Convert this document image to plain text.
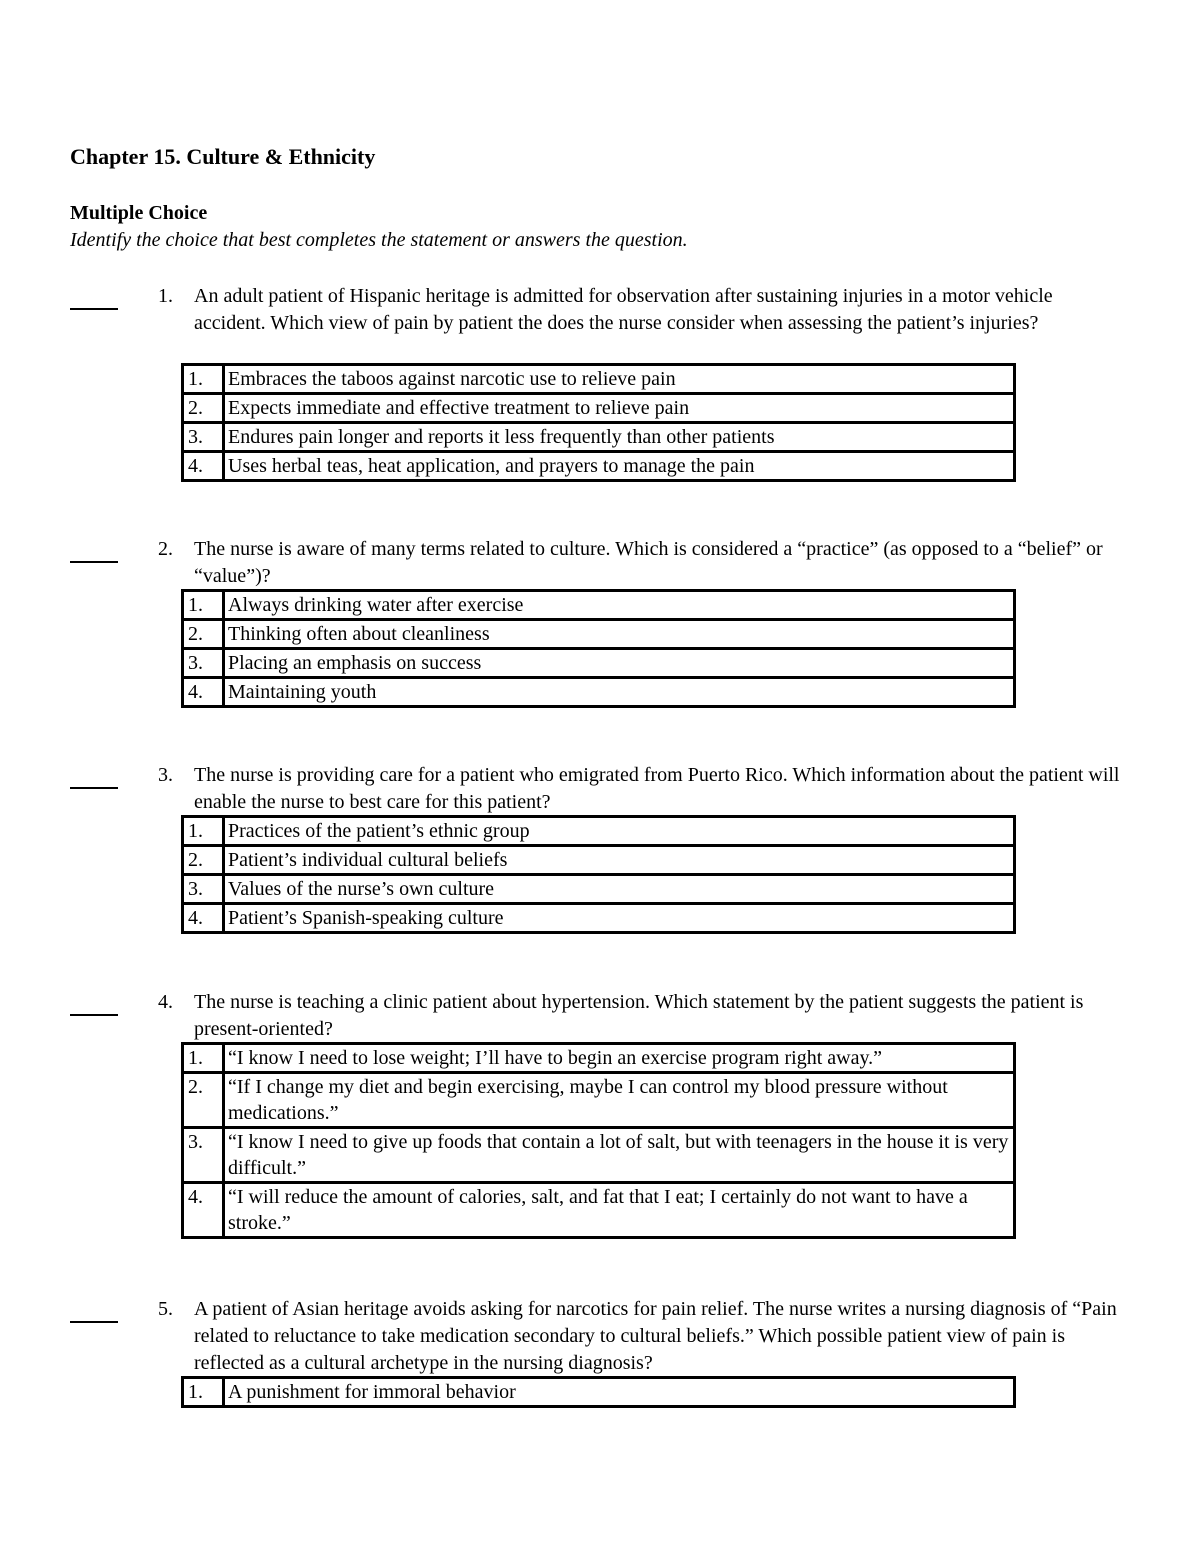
Chapter 15. Culture & Ethnicity
Multiple Choice
Identify the choice that best completes the statement or answers the question.
1. An adult patient of Hispanic heritage is admitted for observation after sustaining injuries in a motor vehicle accident. Which view of pain by patient the does the nurse consider when assessing the patient’s injuries?
1.	Embraces the taboos against narcotic use to relieve pain
2.	Expects immediate and effective treatment to relieve pain
3.	Endures pain longer and reports it less frequently than other patients
4.	Uses herbal teas, heat application, and prayers to manage the pain
2. The nurse is aware of many terms related to culture. Which is considered a “practice” (as opposed to a “belief” or “value”)?
1.	Always drinking water after exercise
2.	Thinking often about cleanliness
3.	Placing an emphasis on success
4.	Maintaining youth
3. The nurse is providing care for a patient who emigrated from Puerto Rico. Which information about the patient will enable the nurse to best care for this patient?
1.	Practices of the patient’s ethnic group
2.	Patient’s individual cultural beliefs
3.	Values of the nurse’s own culture
4.	Patient’s Spanish-speaking culture
4. The nurse is teaching a clinic patient about hypertension. Which statement by the patient suggests the patient is present-oriented?
1.	“I know I need to lose weight; I’ll have to begin an exercise program right away.”
2.	“If I change my diet and begin exercising, maybe I can control my blood pressure without medications.”
3.	“I know I need to give up foods that contain a lot of salt, but with teenagers in the house it is very difficult.”
4.	“I will reduce the amount of calories, salt, and fat that I eat; I certainly do not want to have a stroke.”
5. A patient of Asian heritage avoids asking for narcotics for pain relief. The nurse writes a nursing diagnosis of “Pain related to reluctance to take medication secondary to cultural beliefs.” Which possible patient view of pain is reflected as a cultural archetype in the nursing diagnosis?
1.	A punishment for immoral behavior
